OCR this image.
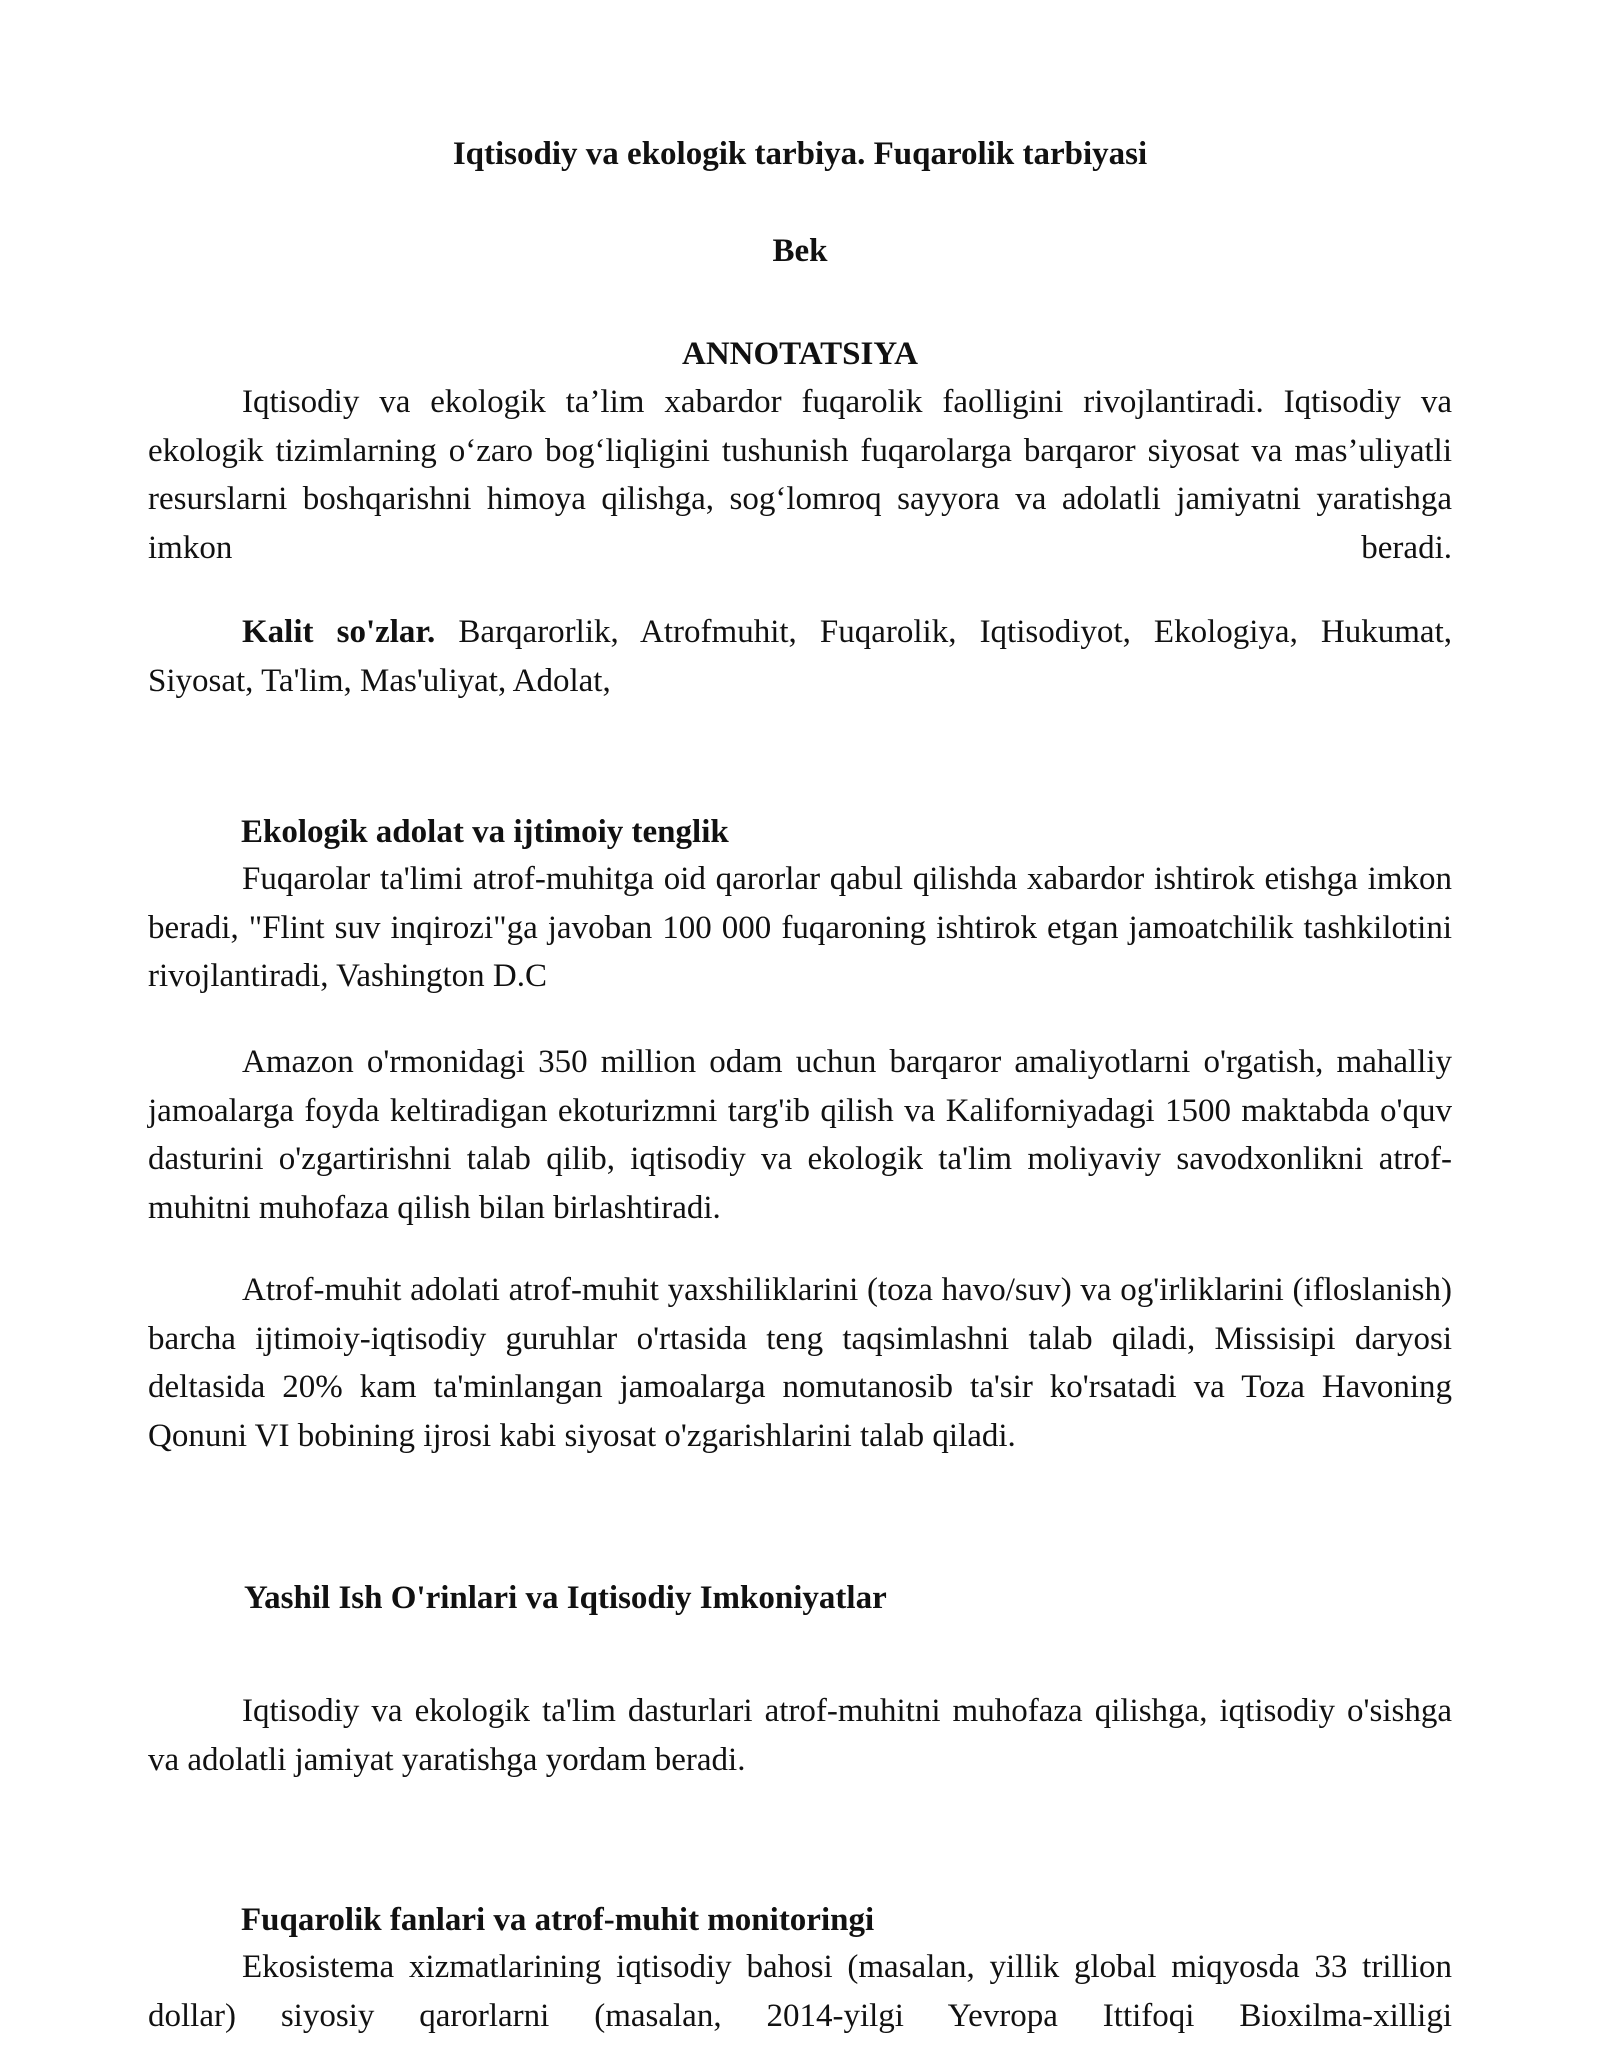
Iqtisodiy va ekologik tarbiya. Fuqarolik tarbiyasi

Bek

ANNOTATSIYA

Iqtisodiy va ekologik ta’lim xabardor fuqarolik faolligini rivojlantiradi. Iqtisodiy va ekologik tizimlarning o‘zaro bog‘liqligini tushunish fuqarolarga barqaror siyosat va mas’uliyatli resurslarni boshqarishni himoya qilishga, sog‘lomroq sayyora va adolatli jamiyatni yaratishga imkon beradi.

Kalit so'zlar. Barqarorlik, Atrofmuhit, Fuqarolik, Iqtisodiyot, Ekologiya, Hukumat, Siyosat, Ta'lim, Mas'uliyat, Adolat,

Ekologik adolat va ijtimoiy tenglik

Fuqarolar ta'limi atrof-muhitga oid qarorlar qabul qilishda xabardor ishtirok etishga imkon beradi, "Flint suv inqirozi"ga javoban 100 000 fuqaroning ishtirok etgan jamoatchilik tashkilotini rivojlantiradi, Vashington D.C

Amazon o'rmonidagi 350 million odam uchun barqaror amaliyotlarni o'rgatish, mahalliy jamoalarga foyda keltiradigan ekoturizmni targ'ib qilish va Kaliforniyadagi 1500 maktabda o'quv dasturini o'zgartirishni talab qilib, iqtisodiy va ekologik ta'lim moliyaviy savodxonlikni atrof-muhitni muhofaza qilish bilan birlashtiradi.

Atrof-muhit adolati atrof-muhit yaxshiliklarini (toza havo/suv) va og'irliklarini (ifloslanish) barcha ijtimoiy-iqtisodiy guruhlar o'rtasida teng taqsimlashni talab qiladi, Missisipi daryosi deltasida 20% kam ta'minlangan jamoalarga nomutanosib ta'sir ko'rsatadi va Toza Havoning Qonuni VI bobining ijrosi kabi siyosat o'zgarishlarini talab qiladi.

Yashil Ish O'rinlari va Iqtisodiy Imkoniyatlar

Iqtisodiy va ekologik ta'lim dasturlari atrof-muhitni muhofaza qilishga, iqtisodiy o'sishga va adolatli jamiyat yaratishga yordam beradi.

Fuqarolik fanlari va atrof-muhit monitoringi

Ekosistema xizmatlarining iqtisodiy bahosi (masalan, yillik global miqyosda 33 trillion dollar) siyosiy qarorlarni (masalan, 2014-yilgi Yevropa Ittifoqi Bioxilma-xilligi
